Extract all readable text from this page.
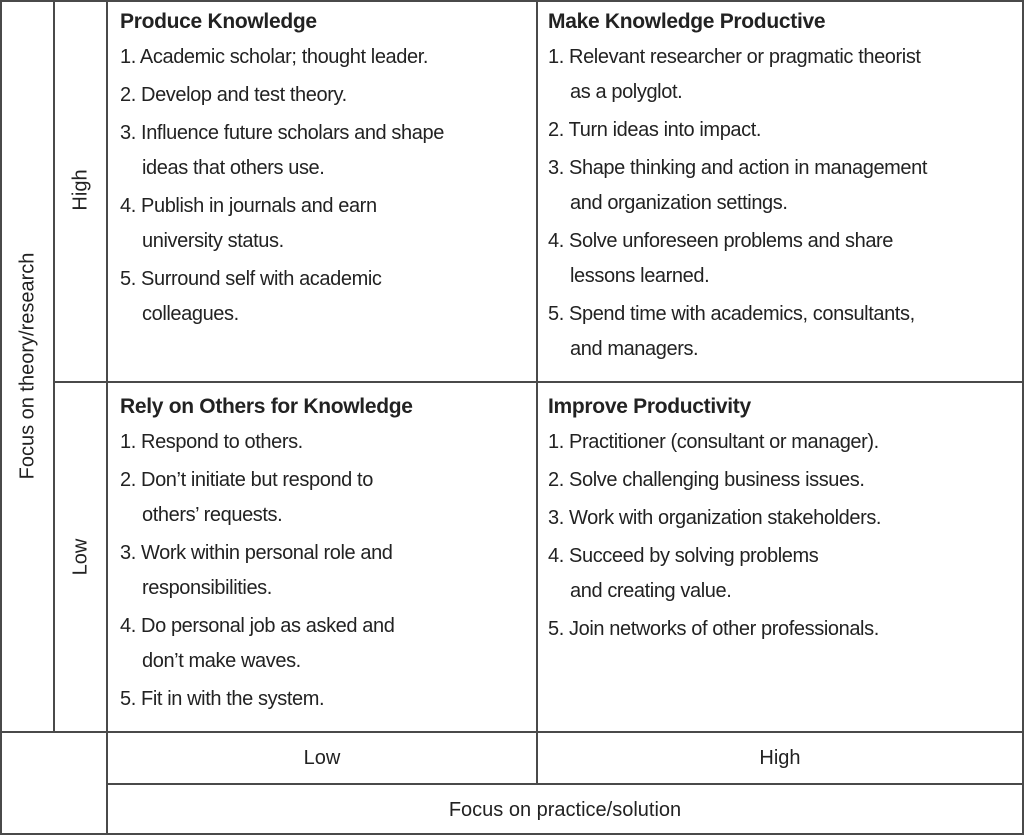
Focus on theory/research
High
Low
Low	High
Focus on practice/solution
Produce Knowledge
1. Academic scholar; thought leader.
2. Develop and test theory.
3. Influence future scholars and shape
ideas that others use.
4. Publish in journals and earn
university status.
5. Surround self with academic
colleagues.
Make Knowledge Productive
1. Relevant researcher or pragmatic theorist
as a polyglot.
2. Turn ideas into impact.
3. Shape thinking and action in management
and organization settings.
4. Solve unforeseen problems and share
lessons learned.
5. Spend time with academics, consultants,
and managers.
Rely on Others for Knowledge
1. Respond to others.
2. Don’t initiate but respond to
others’ requests.
3. Work within personal role and
responsibilities.
4. Do personal job as asked and
don’t make waves.
5. Fit in with the system.
Improve Productivity
1. Practitioner (consultant or manager).
2. Solve challenging business issues.
3. Work with organization stakeholders.
4. Succeed by solving problems
and creating value.
5. Join networks of other professionals.
